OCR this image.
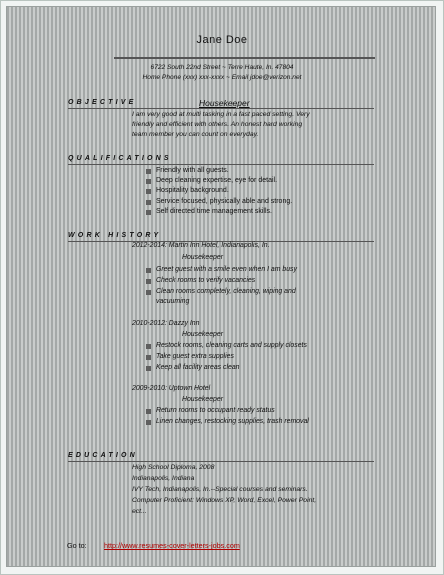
Jane Doe
6722 South 22nd Street ~ Terre Haute, In. 47804
Home Phone (xxx) xxx-xxxx ~ Email jdoe@verizon.net
OBJECTIVE	Housekeeper
I am very good at multi tasking in a fast paced setting. Very
friendly and efficient with others. An honest hard working
team member you can count on everyday.
QUALIFICATIONS
Friendly with all guests.
Deep cleaning expertise, eye for detail.
Hospitality background.
Service focused, physically able and strong.
Self directed time management skills.
WORK HISTORY
2012-2014: Martin Inn Hotel, Indianapolis, In.
Housekeeper
Greet guest with a smile even when I am busy
Check rooms to verify vacancies
Clean rooms completely, cleaning, wiping and
vacuuming
2010-2012: Dazzy Inn
Housekeeper
Restock rooms, cleaning carts and supply closets
Take guest extra supplies
Keep all facility areas clean
2009-2010: Uptown Hotel
Housekeeper
Return rooms to occupant ready status
Linen changes, restocking supplies, trash removal
EDUCATION
High School Diploma, 2008
Indianapolis, Indiana
IVY Tech, Indianapolis, In.--Special courses and seminars.
Computer Proficient: Windows XP, Word, Excel, Power Point,
ect...
Go to: http://www.resumes-cover-letters-jobs.com
